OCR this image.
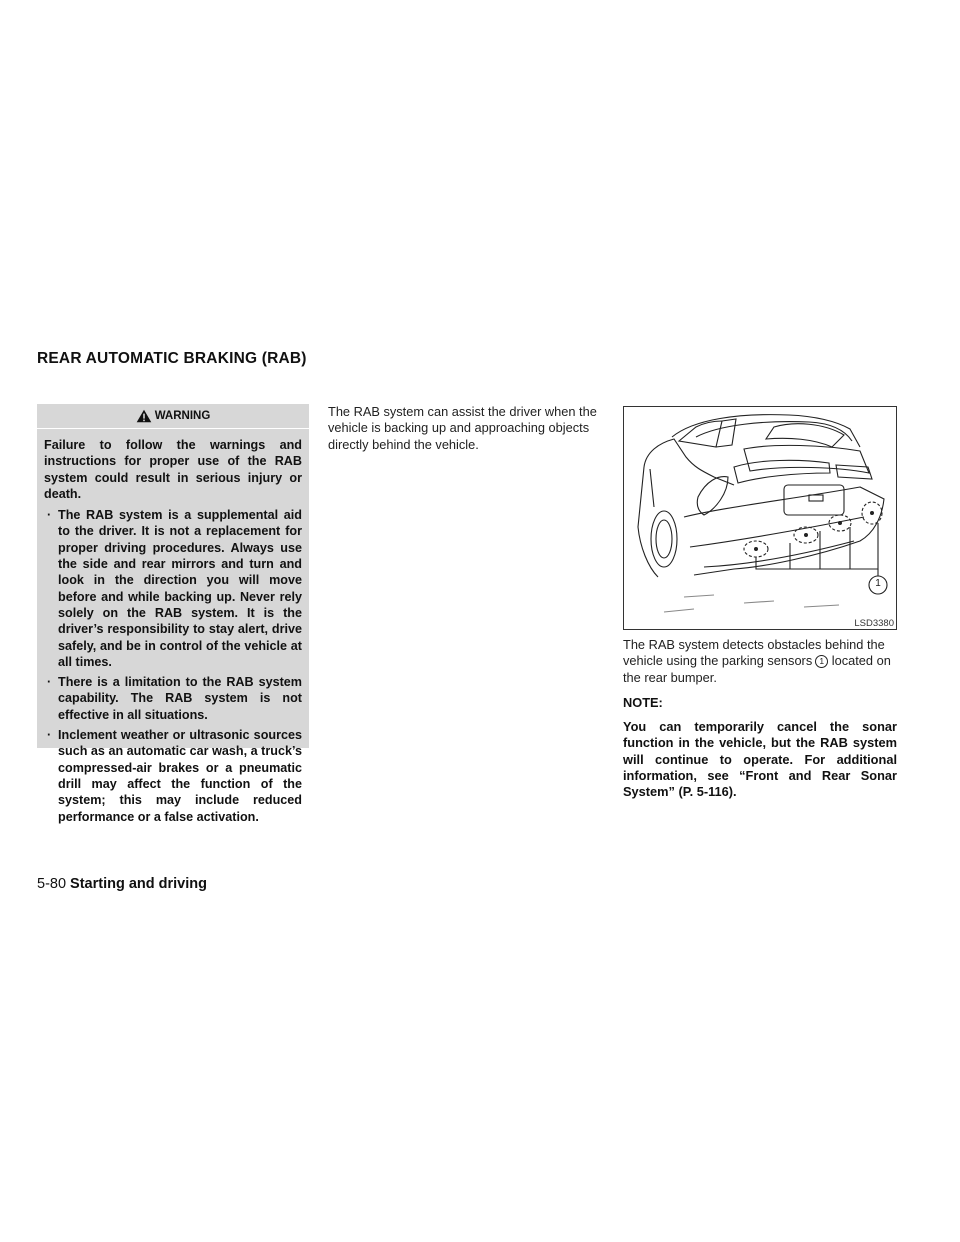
REAR AUTOMATIC BRAKING (RAB)
WARNING

Failure to follow the warnings and instructions for proper use of the RAB system could result in serious injury or death.

· The RAB system is a supplemental aid to the driver. It is not a replacement for proper driving procedures. Always use the side and rear mirrors and turn and look in the direction you will move before and while backing up. Never rely solely on the RAB system. It is the driver’s responsibility to stay alert, drive safely, and be in control of the vehicle at all times.
· There is a limitation to the RAB system capability. The RAB system is not effective in all situations.
· Inclement weather or ultrasonic sources such as an automatic car wash, a truck’s compressed-air brakes or a pneumatic drill may affect the function of the system; this may include reduced performance or a false activation.
The RAB system can assist the driver when the vehicle is backing up and approaching objects directly behind the vehicle.
1
LSD3380

The RAB system detects obstacles behind the vehicle using the parking sensors 1 located on the rear bumper.

NOTE:
You can temporarily cancel the sonar function in the vehicle, but the RAB system will continue to operate. For additional information, see “Front and Rear Sonar System” (P. 5-116).
5-80 Starting and driving
